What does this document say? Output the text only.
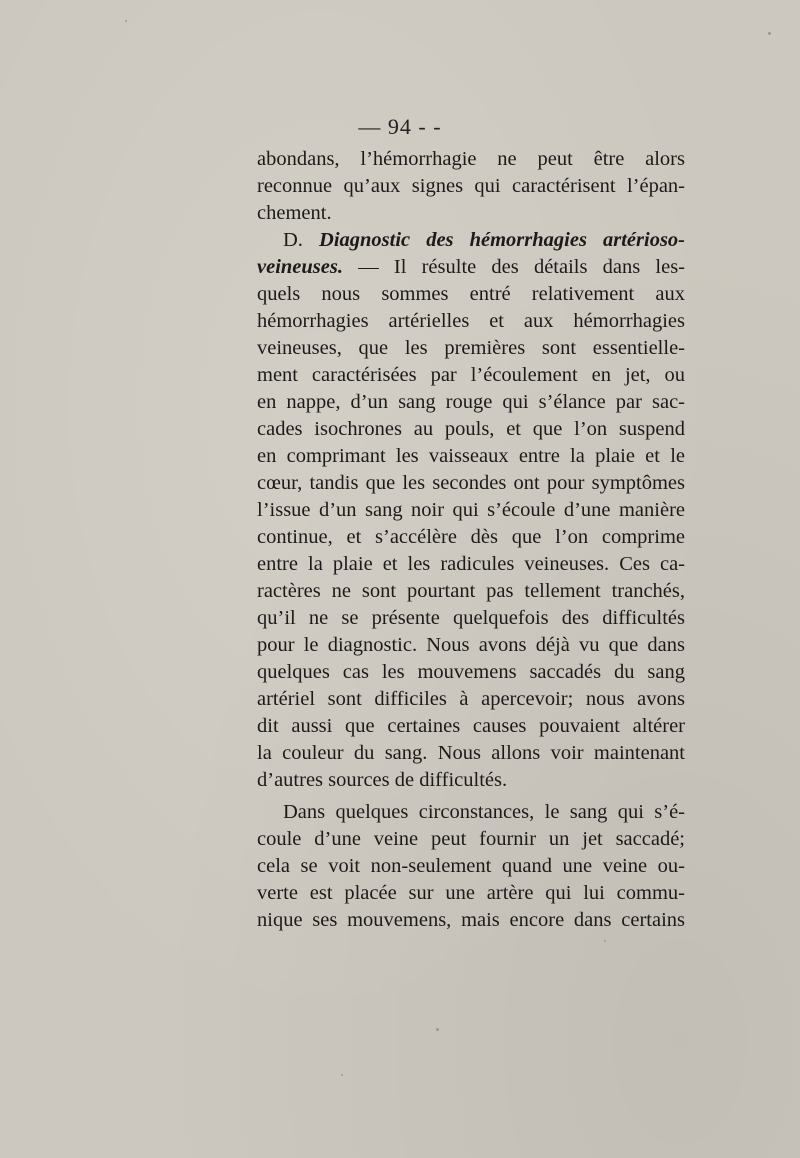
— 94 - -
abondans, l’hémorrhagie ne peut être alors
reconnue qu’aux signes qui caractérisent l’épan-
chement.
D. Diagnostic des hémorrhagies artérioso-
veineuses. — Il résulte des détails dans les-
quels nous sommes entré relativement aux
hémorrhagies artérielles et aux hémorrhagies
veineuses, que les premières sont essentielle-
ment caractérisées par l’écoulement en jet, ou
en nappe, d’un sang rouge qui s’élance par sac-
cades isochrones au pouls, et que l’on suspend
en comprimant les vaisseaux entre la plaie et le
cœur, tandis que les secondes ont pour symptômes
l’issue d’un sang noir qui s’écoule d’une manière
continue, et s’accélère dès que l’on comprime
entre la plaie et les radicules veineuses. Ces ca-
ractères ne sont pourtant pas tellement tranchés,
qu’il ne se présente quelquefois des difficultés
pour le diagnostic. Nous avons déjà vu que dans
quelques cas les mouvemens saccadés du sang
artériel sont difficiles à apercevoir; nous avons
dit aussi que certaines causes pouvaient altérer
la couleur du sang. Nous allons voir maintenant
d’autres sources de difficultés.
Dans quelques circonstances, le sang qui s’é-
coule d’une veine peut fournir un jet saccadé;
cela se voit non-seulement quand une veine ou-
verte est placée sur une artère qui lui commu-
nique ses mouvemens, mais encore dans certains
